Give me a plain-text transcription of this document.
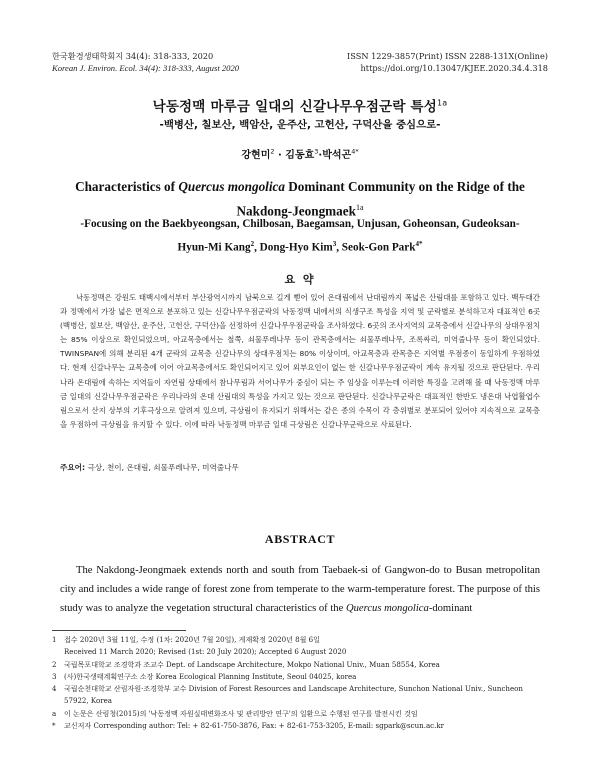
한국환경생태학회지 34(4): 318-333, 2020
Korean J. Environ. Ecol. 34(4): 318-333, August 2020
ISSN 1229-3857(Print) ISSN 2288-131X(Online)
https://doi.org/10.13047/KJEE.2020.34.4.318
낙동정맥 마루금 일대의 신갈나무우점군락 특성$^{1a}$
-백병산, 칠보산, 백암산, 운주산, 고헌산, 구덕산을 중심으로-
강현미$^2$ · 김동효$^3$·박석곤$^{4*}$
Characteristics of Quercus mongolica Dominant Community on the Ridge of the
Nakdong-Jeongmaek$^{1a}$
-Focusing on the Baekbyeongsan, Chilbosan, Baegamsan, Unjusan, Goheonsan, Gudeoksan-
Hyun-Mi Kang$^2$, Dong-Hyo Kim$^3$, Seok-Gon Park$^{4*}$
요 약
낙동정맥은 강원도 태백시에서부터 부산광역시까지 남북으로 길게 뻗어 있어 온대림에서 난대림까지 폭넓은 산림대를 포함하고 있다. 백두대간과 정맥에서 가장 넓은 면적으로 분포하고 있는 신갈나무우점군락의 낙동정맥 내에서의 식생구조 특성을 지역 및 군락별로 분석하고자 대표적인 6곳(백병산, 칠보산, 백암산, 운주산, 고헌산, 구덕산)을 선정하여 신갈나무우점군락을 조사하였다. 6곳의 조사지역의 교목층에서 신갈나무의 상대우점치는 85% 이상으로 확인되었으며, 아교목층에서는 철쭉, 쇠물푸레나무 등이 관목층에서는 쇠물푸레나무, 조록싸리, 미역줄나무 등이 확인되었다. TWINSPAN에 의해 분리된 4개 군락의 교목층 신갈나무의 상대우점치는 80% 이상이며, 아교목층과 관목층은 지역별 우점종이 동일하게 우점하였다. 현재 신갈나무는 교목층에 이어 아교목층에서도 확인되어지고 있어 외부요인이 없는 한 신갈나무우점군락이 계속 유지될 것으로 판단된다. 우리나라 온대림에 속하는 지역들이 자연림 상태에서 참나무림과 서어나무가 중심이 되는 주 임상을 이루는데 이러한 특징을 고려해 볼 때 낙동정맥 마루금 일대의 신갈나무우점군락은 우리나라의 온대 산림대의 특성을 가지고 있는 것으로 판단된다. 신갈나무군락은 대표적인 한반도 냉온대 낙엽활엽수림으로서 산지 상부의 기후극상으로 알려져 있으며, 극상림이 유지되기 위해서는 같은 종의 수목이 각 층위별로 분포되어 있어야 지속적으로 교목층을 우점하여 극상림을 유지할 수 있다. 이에 따라 낙동정맥 마루금 일대 극상림은 신갈나무군락으로 사료된다.
주요어: 극상, 천이, 온대림, 쇠물푸레나무, 미역줄나무
ABSTRACT
The Nakdong-Jeongmaek extends north and south from Taebaek-si of Gangwon-do to Busan metropolitan city and includes a wide range of forest zone from temperate to the warm-temperature forest. The purpose of this study was to analyze the vegetation structural characteristics of the Quercus mongolica-dominant
1 접수 2020년 3월 11일, 수정 (1차: 2020년 7월 20일), 게재확정 2020년 8월 6일
Received 11 March 2020; Revised (1st: 20 July 2020); Accepted 6 August 2020
2 국립목포대학교 조경학과 조교수 Dept. of Landscape Architecture, Mokpo National Univ., Muan 58554, Korea
3 (사)한국생태계획연구소 소장 Korea Ecological Planning Institute, Seoul 04025, korea
4 국립순천대학교 산림자원·조경학부 교수 Division of Forest Resources and Landscape Architecture, Sunchon National Univ., Suncheon 57922, Korea
a 이 논문은 산림청(2015)의 '낙동정맥 자원실태변화조사 및 관리방안 연구'의 일환으로 수행된 연구를 발전시킨 것임
* 교신저자 Corresponding author: Tel: + 82-61-750-3876, Fax: + 82-61-753-3205, E-mail: sgpark@scun.ac.kr
